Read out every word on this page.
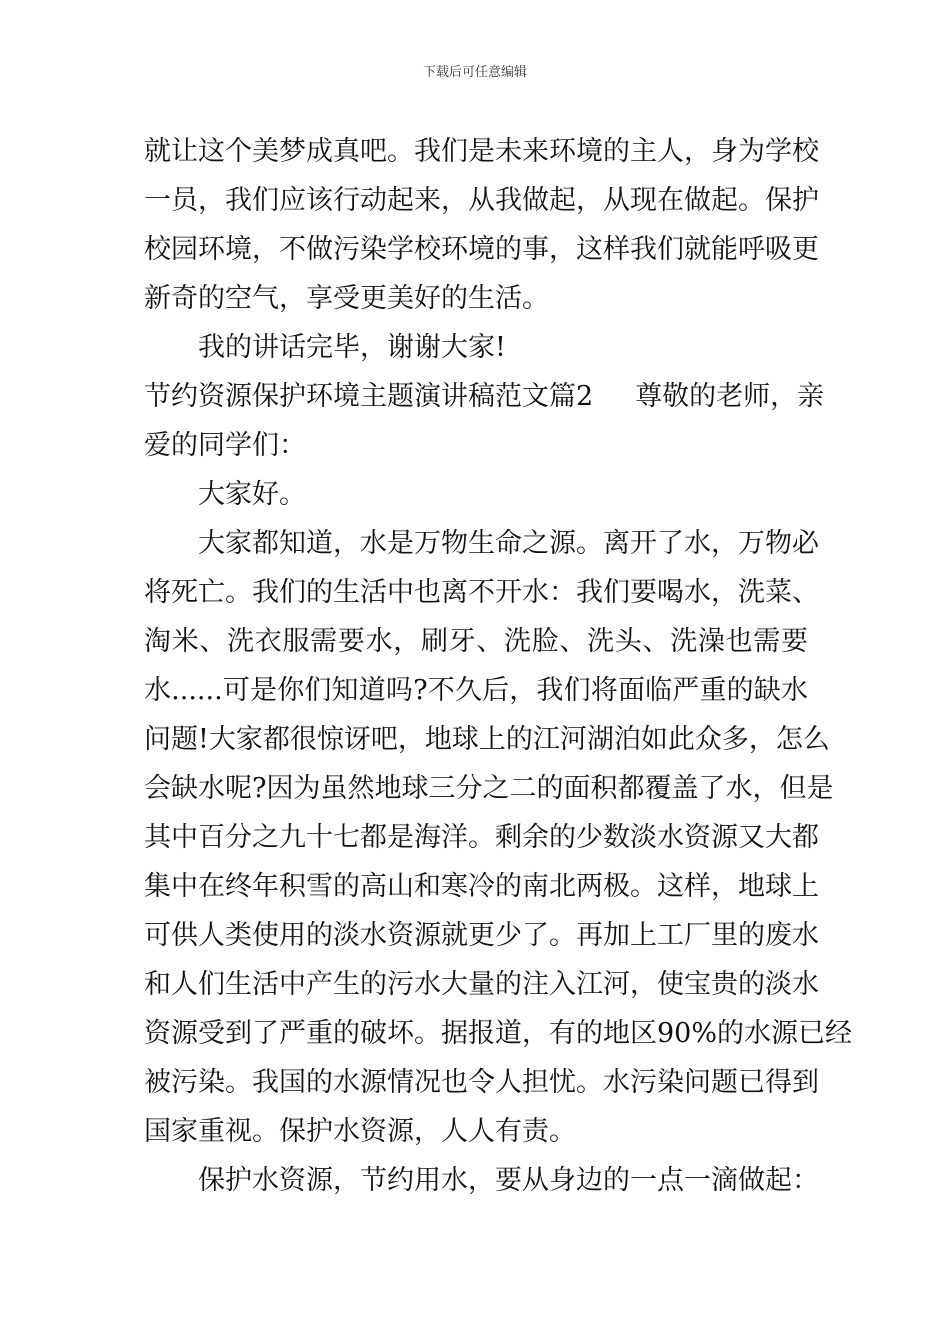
下载后可任意编辑
就让这个美梦成真吧。我们是未来环境的主人，身为学校
一员，我们应该行动起来，从我做起，从现在做起。保护
校园环境，不做污染学校环境的事，这样我们就能呼吸更
新奇的空气，享受更美好的生活。
我的讲话完毕，谢谢大家!
节约资源保护环境主题演讲稿范文篇2 尊敬的老师，亲
爱的同学们：
大家好。
大家都知道，水是万物生命之源。离开了水，万物必
将死亡。我们的生活中也离不开水：我们要喝水，洗菜、
淘米、洗衣服需要水，刷牙、洗脸、洗头、洗澡也需要
水......可是你们知道吗?不久后，我们将面临严重的缺水
问题!大家都很惊讶吧，地球上的江河湖泊如此众多，怎么
会缺水呢?因为虽然地球三分之二的面积都覆盖了水，但是
其中百分之九十七都是海洋。剩余的少数淡水资源又大都
集中在终年积雪的高山和寒冷的南北两极。这样，地球上
可供人类使用的淡水资源就更少了。再加上工厂里的废水
和人们生活中产生的污水大量的注入江河，使宝贵的淡水
资源受到了严重的破坏。据报道，有的地区90%的水源已经
被污染。我国的水源情况也令人担忧。水污染问题已得到
国家重视。保护水资源，人人有责。
保护水资源，节约用水，要从身边的一点一滴做起：
